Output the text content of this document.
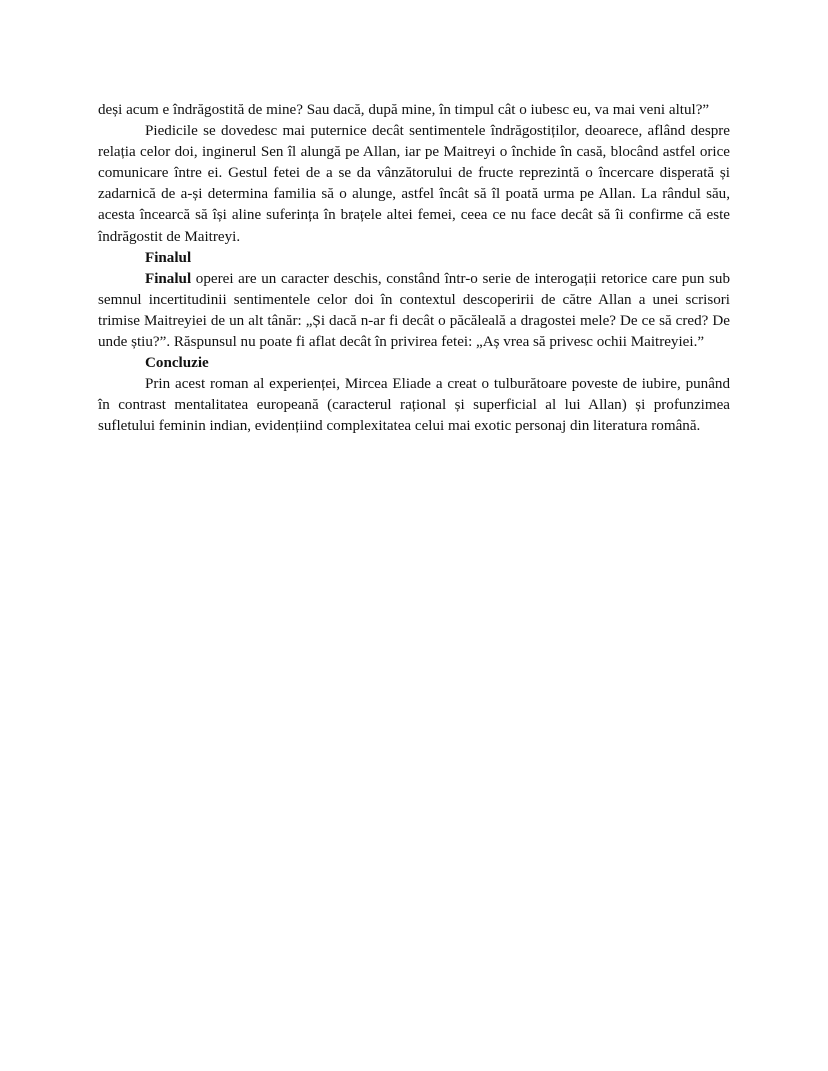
deși acum e îndrăgostită de mine? Sau dacă, după mine, în timpul cât o iubesc eu, va mai veni altul?”

Piedicile se dovedesc mai puternice decât sentimentele îndrăgostiților, deoarece, aflând despre relația celor doi, inginerul Sen îl alungă pe Allan, iar pe Maitreyi o închide în casă, blocând astfel orice comunicare între ei. Gestul fetei de a se da vânzătorului de fructe reprezintă o încercare disperată și zadarnică de a-și determina familia să o alunge, astfel încât să îl poată urma pe Allan. La rândul său, acesta încearcă să își aline suferința în brațele altei femei, ceea ce nu face decât să îi confirme că este îndrăgostit de Maitreyi.

Finalul

Finalul operei are un caracter deschis, constând într-o serie de interogații retorice care pun sub semnul incertitudinii sentimentele celor doi în contextul descoperirii de către Allan a unei scrisori trimise Maitreyiei de un alt tânăr: „Și dacă n-ar fi decât o păcăleală a dragostei mele? De ce să cred? De unde știu?”. Răspunsul nu poate fi aflat decât în privirea fetei: „Aș vrea să privesc ochii Maitreyiei.”

Concluzie

Prin acest roman al experienței, Mircea Eliade a creat o tulburătoare poveste de iubire, punând în contrast mentalitatea europeană (caracterul rațional și superficial al lui Allan) și profunzimea sufletului feminin indian, evidențiind complexitatea celui mai exotic personaj din literatura română.
